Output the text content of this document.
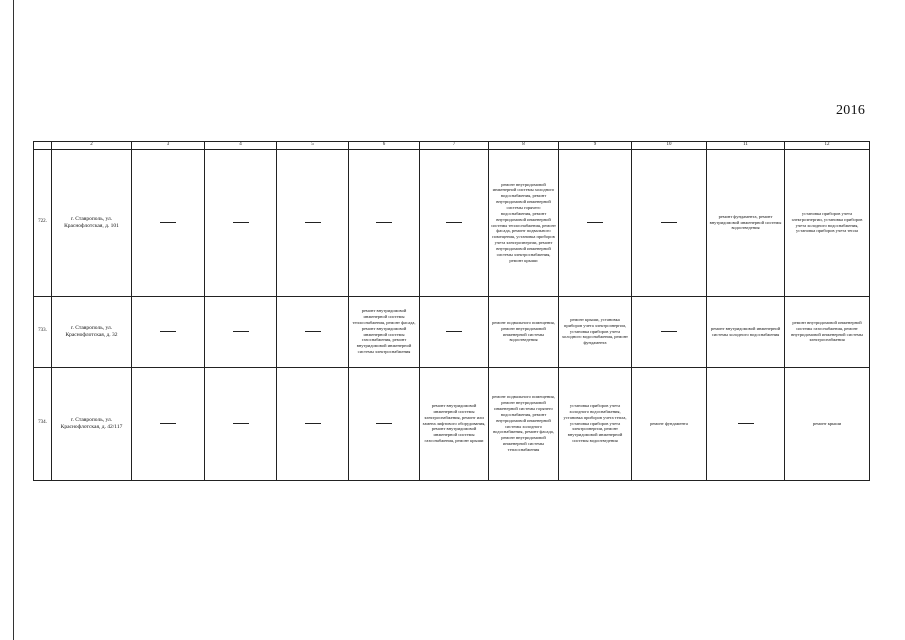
2016
	2	3	4	5	6	7	8	9	10	11	12
722.	г. Ставрополь, ул. Краснофлотская, д. 101						ремонт внутридомовой инженерной системы холодного водоснабжения, ремонт внутридомовой инженерной системы горячего водоснабжения, ремонт внутридомовой инженерной системы теплоснабжения, ремонт фасада, ремонт подвального помещения, установка приборов учета электроэнергии, ремонт внутридомовой инженерной системы электроснабжения, ремонт крыши			ремонт фундамента, ремонт внутридомовой инженерной системы водоотведения	установка приборов учета электроэнергии, установка приборов учета холодного водоснабжения, установка приборов учета тепла
733.	г. Ставрополь, ул. Краснофлотская, д. 32				ремонт внутридомовой инженерной системы теплоснабжения, ремонт фасада, ремонт внутридомовой инженерной системы газоснабжения, ремонт внутридомовой инженерной системы электроснабжения		ремонт подвального помещения, ремонт внутридомовой инженерной системы водоотведения	ремонт крыши, установка приборов учета электроэнергии, установка приборов учета холодного водоснабжения, ремонт фундамента		ремонт внутридомовой инженерной системы холодного водоснабжения	ремонт внутридомовой инженерной системы газоснабжения, ремонт внутридомовой инженерной системы электроснабжения
734.	г. Ставрополь, ул. Краснофлотская, д. 42/117					ремонт внутридомовой инженерной системы электроснабжения, ремонт или замена лифтового оборудования, ремонт внутридомовой инженерной системы газоснабжения, ремонт крыши	ремонт подвального помещения, ремонт внутридомовой инженерной системы горячего водоснабжения, ремонт внутридомовой инженерной системы холодного водоснабжения, ремонт фасада, ремонт внутридомовой инженерной системы теплоснабжения	установка приборов учета холодного водоснабжения, установка приборов учета тепла, установка приборов учета электроэнергии, ремонт внутридомовой инженерной системы водоотведения	ремонт фундамента		ремонт крыши
